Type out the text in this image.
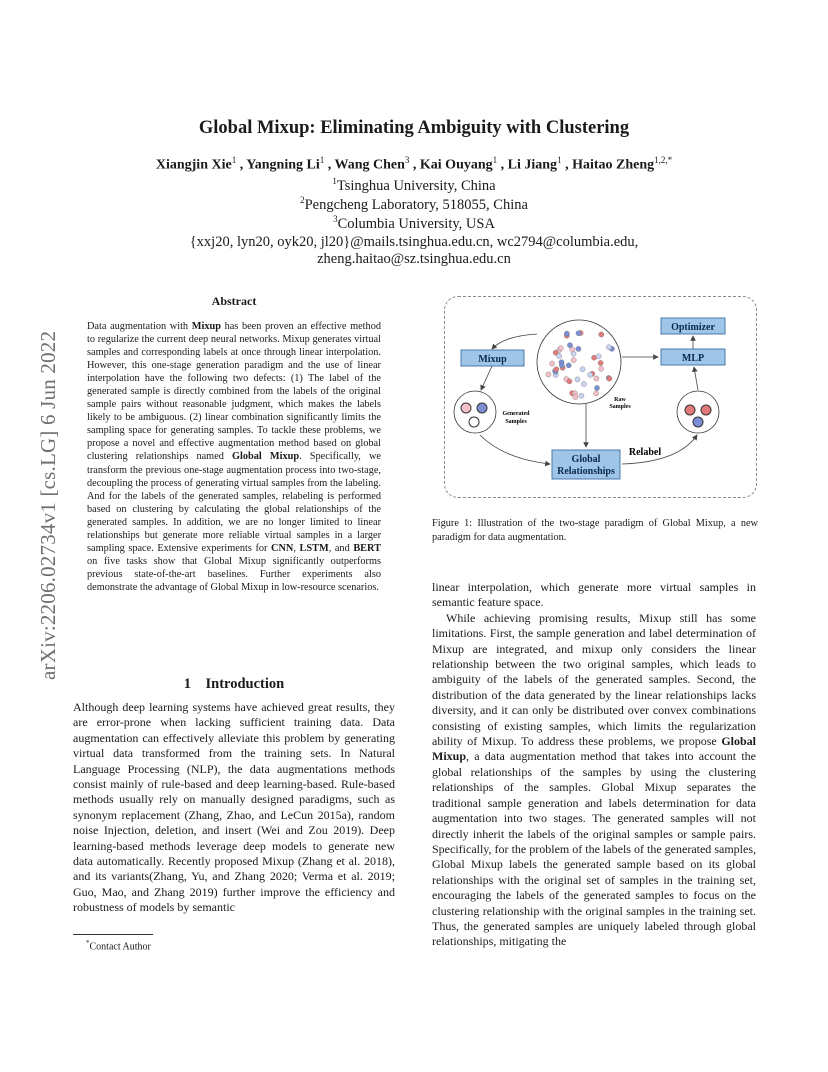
arXiv:2206.02734v1 [cs.LG] 6 Jun 2022
Global Mixup: Eliminating Ambiguity with Clustering
Xiangjin Xie$^1$ , Yangning Li$^1$ , Wang Chen$^3$ , Kai Ouyang$^1$ , Li Jiang$^1$ , Haitao Zheng$^{1,2,*}$
$^1$Tsinghua University, China
$^2$Pengcheng Laboratory, 518055, China
$^3$Columbia University, USA
{xxj20, lyn20, oyk20, jl20}@mails.tsinghua.edu.cn, wc2794@columbia.edu,
zheng.haitao@sz.tsinghua.edu.cn
Abstract
Data augmentation with Mixup has been proven an effective method to regularize the current deep neural networks. Mixup generates virtual samples and corresponding labels at once through linear interpolation. However, this one-stage generation paradigm and the use of linear interpolation have the following two defects: (1) The label of the generated sample is directly combined from the labels of the original sample pairs without reasonable judgment, which makes the labels likely to be ambiguous. (2) linear combination significantly limits the sampling space for generating samples. To tackle these problems, we propose a novel and effective augmentation method based on global clustering relationships named Global Mixup. Specifically, we transform the previous one-stage augmentation process into two-stage, decoupling the process of generating virtual samples from the labeling. And for the labels of the generated samples, relabeling is performed based on clustering by calculating the global relationships of the generated samples. In addition, we are no longer limited to linear relationships but generate more reliable virtual samples in a larger sampling space. Extensive experiments for CNN, LSTM, and BERT on five tasks show that Global Mixup significantly outperforms previous state-of-the-art baselines. Further experiments also demonstrate the advantage of Global Mixup in low-resource scenarios.
1 Introduction

Although deep learning systems have achieved great results, they are error-prone when lacking sufficient training data. Data augmentation can effectively alleviate this problem by generating virtual data transformed from the training sets. In Natural Language Processing (NLP), the data augmentations methods consist mainly of rule-based and deep learning-based. Rule-based methods usually rely on manually designed paradigms, such as synonym replacement (Zhang, Zhao, and LeCun 2015a), random noise Injection, deletion, and insert (Wei and Zou 2019). Deep learning-based methods leverage deep models to generate new data automatically. Recently proposed Mixup (Zhang et al. 2018), and its variants(Zhang, Yu, and Zhang 2020; Verma et al. 2019; Guo, Mao, and Zhang 2019) further improve the efficiency and robustness of models by semantic

*Contact Author
Mixup
Optimizer
MLP
Global
Relationships
Raw
Samples
Generated
Samples
Relabel
Figure 1: Illustration of the two-stage paradigm of Global Mixup, a new paradigm for data augmentation.

linear interpolation, which generate more virtual samples in semantic feature space.

While achieving promising results, Mixup still has some limitations. First, the sample generation and label determination of Mixup are integrated, and mixup only considers the linear relationship between the two original samples, which leads to ambiguity of the labels of the generated samples. Second, the distribution of the data generated by the linear relationships lacks diversity, and it can only be distributed over convex combinations consisting of existing samples, which limits the regularization ability of Mixup. To address these problems, we propose Global Mixup, a data augmentation method that takes into account the global relationships of the samples by using the clustering relationships of the samples. Global Mixup separates the traditional sample generation and labels determination for data augmentation into two stages. The generated samples will not directly inherit the labels of the original samples or sample pairs. Specifically, for the problem of the labels of the generated samples, Global Mixup labels the generated sample based on its global relationships with the original set of samples in the training set, encouraging the labels of the generated samples to focus on the clustering relationship with the original samples in the training set. Thus, the generated samples are uniquely labeled through global relationships, mitigating the
